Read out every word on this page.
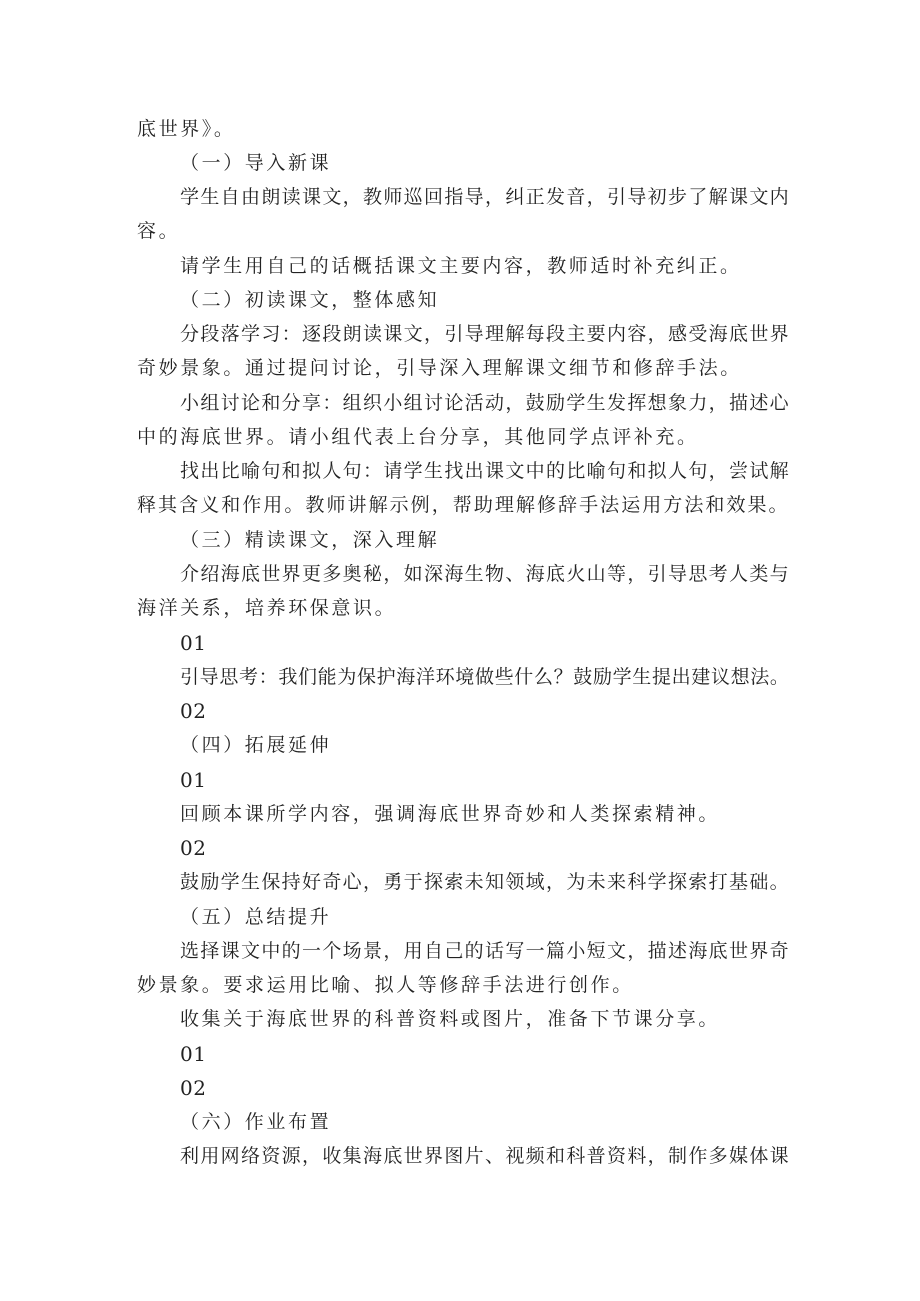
底世界》。
（一）导入新课
学生自由朗读课文，教师巡回指导，纠正发音，引导初步了解课文内
容。
请学生用自己的话概括课文主要内容，教师适时补充纠正。
（二）初读课文，整体感知
分段落学习：逐段朗读课文，引导理解每段主要内容，感受海底世界
奇妙景象。通过提问讨论，引导深入理解课文细节和修辞手法。
小组讨论和分享：组织小组讨论活动，鼓励学生发挥想象力，描述心
中的海底世界。请小组代表上台分享，其他同学点评补充。
找出比喻句和拟人句：请学生找出课文中的比喻句和拟人句，尝试解
释其含义和作用。教师讲解示例，帮助理解修辞手法运用方法和效果。
（三）精读课文，深入理解
介绍海底世界更多奥秘，如深海生物、海底火山等，引导思考人类与
海洋关系，培养环保意识。
01
引导思考：我们能为保护海洋环境做些什么？鼓励学生提出建议想法。
02
（四）拓展延伸
01
回顾本课所学内容，强调海底世界奇妙和人类探索精神。
02
鼓励学生保持好奇心，勇于探索未知领域，为未来科学探索打基础。
（五）总结提升
选择课文中的一个场景，用自己的话写一篇小短文，描述海底世界奇
妙景象。要求运用比喻、拟人等修辞手法进行创作。
收集关于海底世界的科普资料或图片，准备下节课分享。
01
02
（六）作业布置
利用网络资源，收集海底世界图片、视频和科普资料，制作多媒体课
